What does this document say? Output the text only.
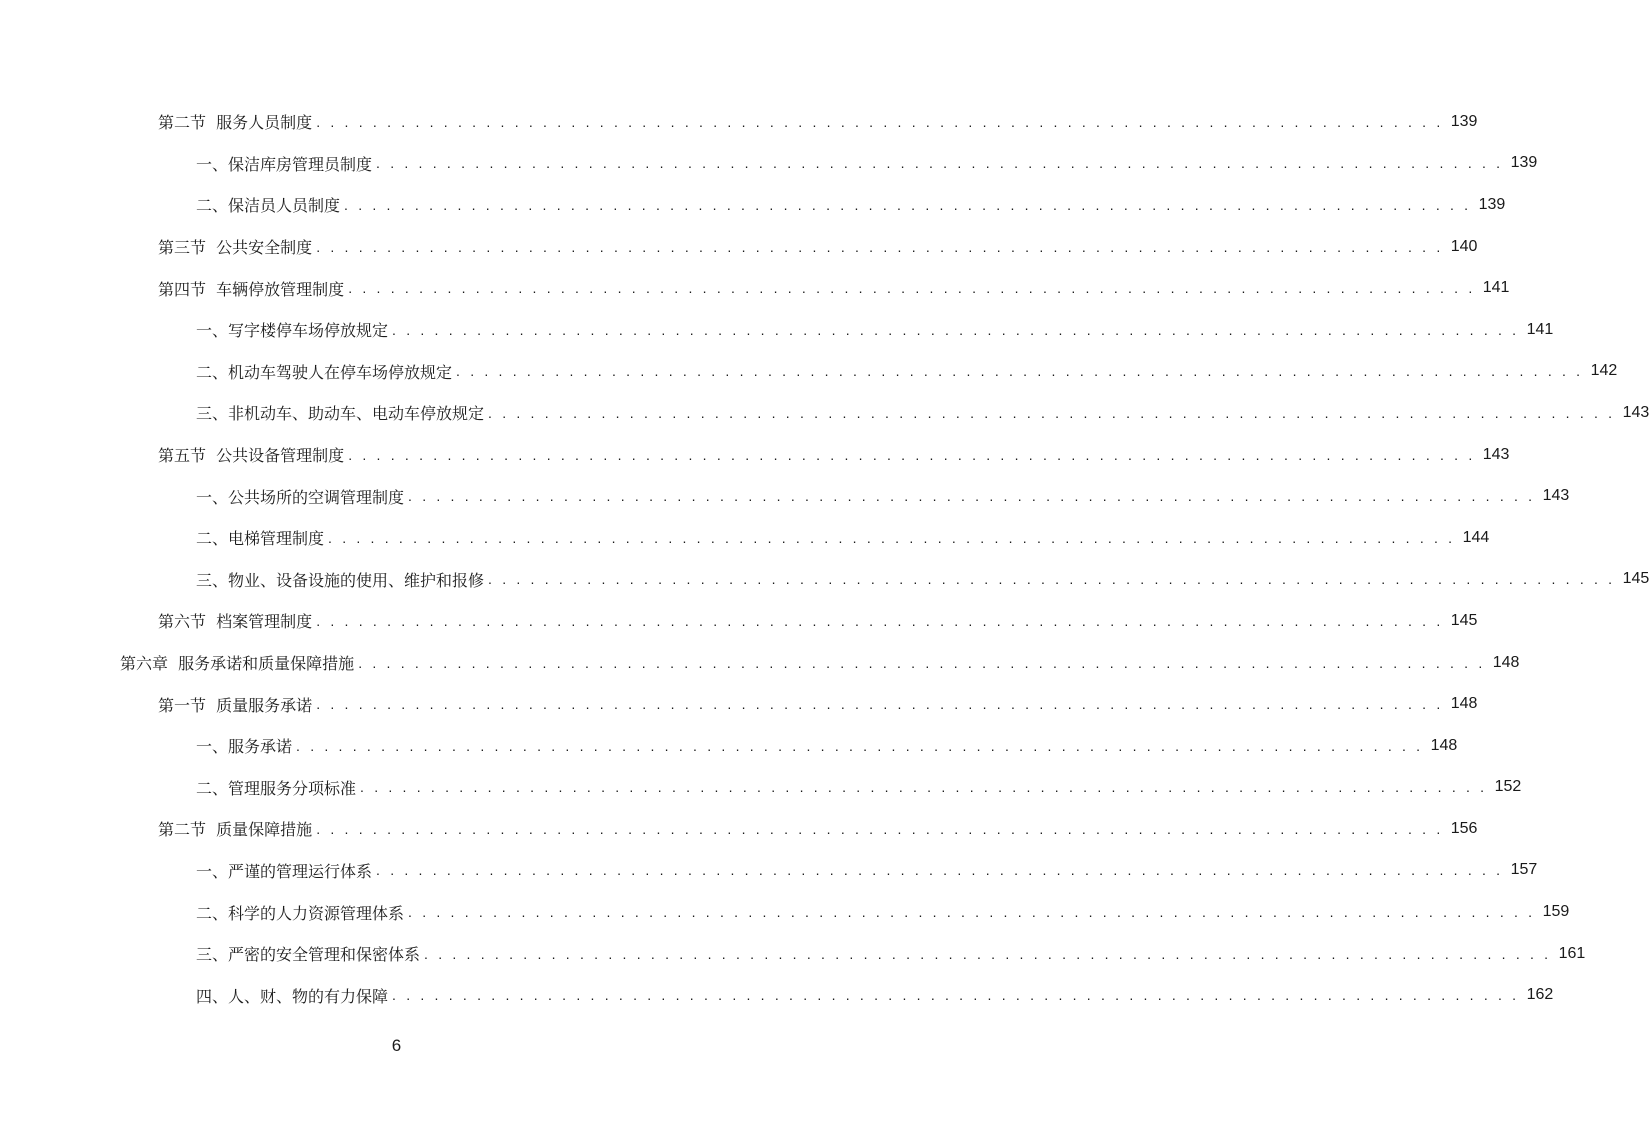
第二节  服务人员制度 . . . . . . . . . . . . . . . . . . . . . . . . . . . . . . . . . . . . . . . . . . . . . . . . . . . . . . . . . . . . . . . . . . . . . . . . . . . . . . . . 139
一、保洁库房管理员制度 . . . . . . . . . . . . . . . . . . . . . . . . . . . . . . . . . . . . . . . . . . . . . . . . . . . . . . . . . . . . . . . . . . . . . . . . . . . . . . . . 139
二、保洁员人员制度 . . . . . . . . . . . . . . . . . . . . . . . . . . . . . . . . . . . . . . . . . . . . . . . . . . . . . . . . . . . . . . . . . . . . . . . . . . . . . . . . 139
第三节  公共安全制度 . . . . . . . . . . . . . . . . . . . . . . . . . . . . . . . . . . . . . . . . . . . . . . . . . . . . . . . . . . . . . . . . . . . . . . . . . . . . . . . . 140
第四节  车辆停放管理制度 . . . . . . . . . . . . . . . . . . . . . . . . . . . . . . . . . . . . . . . . . . . . . . . . . . . . . . . . . . . . . . . . . . . . . . . . . . . . . . . . 141
一、写字楼停车场停放规定 . . . . . . . . . . . . . . . . . . . . . . . . . . . . . . . . . . . . . . . . . . . . . . . . . . . . . . . . . . . . . . . . . . . . . . . . . . . . . . . . 141
二、机动车驾驶人在停车场停放规定 . . . . . . . . . . . . . . . . . . . . . . . . . . . . . . . . . . . . . . . . . . . . . . . . . . . . . . . . . . . . . . . . . . . . . . . . . . . . . . . . 142
三、非机动车、助动车、电动车停放规定 . . . . . . . . . . . . . . . . . . . . . . . . . . . . . . . . . . . . . . . . . . . . . . . . . . . . . . . . . . . . . . . . . . . . . . . . . . . . . . . . 143
第五节  公共设备管理制度 . . . . . . . . . . . . . . . . . . . . . . . . . . . . . . . . . . . . . . . . . . . . . . . . . . . . . . . . . . . . . . . . . . . . . . . . . . . . . . . . 143
一、公共场所的空调管理制度 . . . . . . . . . . . . . . . . . . . . . . . . . . . . . . . . . . . . . . . . . . . . . . . . . . . . . . . . . . . . . . . . . . . . . . . . . . . . . . . . 143
二、电梯管理制度 . . . . . . . . . . . . . . . . . . . . . . . . . . . . . . . . . . . . . . . . . . . . . . . . . . . . . . . . . . . . . . . . . . . . . . . . . . . . . . . . 144
三、物业、设备设施的使用、维护和报修 . . . . . . . . . . . . . . . . . . . . . . . . . . . . . . . . . . . . . . . . . . . . . . . . . . . . . . . . . . . . . . . . . . . . . . . . . . . . . . . . 145
第六节  档案管理制度 . . . . . . . . . . . . . . . . . . . . . . . . . . . . . . . . . . . . . . . . . . . . . . . . . . . . . . . . . . . . . . . . . . . . . . . . . . . . . . . . 145
第六章  服务承诺和质量保障措施 . . . . . . . . . . . . . . . . . . . . . . . . . . . . . . . . . . . . . . . . . . . . . . . . . . . . . . . . . . . . . . . . . . . . . . . . . . . . . . . . 148
第一节  质量服务承诺 . . . . . . . . . . . . . . . . . . . . . . . . . . . . . . . . . . . . . . . . . . . . . . . . . . . . . . . . . . . . . . . . . . . . . . . . . . . . . . . . 148
一、服务承诺 . . . . . . . . . . . . . . . . . . . . . . . . . . . . . . . . . . . . . . . . . . . . . . . . . . . . . . . . . . . . . . . . . . . . . . . . . . . . . . . . 148
二、管理服务分项标准 . . . . . . . . . . . . . . . . . . . . . . . . . . . . . . . . . . . . . . . . . . . . . . . . . . . . . . . . . . . . . . . . . . . . . . . . . . . . . . . . 152
第二节  质量保障措施 . . . . . . . . . . . . . . . . . . . . . . . . . . . . . . . . . . . . . . . . . . . . . . . . . . . . . . . . . . . . . . . . . . . . . . . . . . . . . . . . 156
一、严谨的管理运行体系 . . . . . . . . . . . . . . . . . . . . . . . . . . . . . . . . . . . . . . . . . . . . . . . . . . . . . . . . . . . . . . . . . . . . . . . . . . . . . . . . 157
二、科学的人力资源管理体系 . . . . . . . . . . . . . . . . . . . . . . . . . . . . . . . . . . . . . . . . . . . . . . . . . . . . . . . . . . . . . . . . . . . . . . . . . . . . . . . . 159
三、严密的安全管理和保密体系 . . . . . . . . . . . . . . . . . . . . . . . . . . . . . . . . . . . . . . . . . . . . . . . . . . . . . . . . . . . . . . . . . . . . . . . . . . . . . . . . 161
四、人、财、物的有力保障 . . . . . . . . . . . . . . . . . . . . . . . . . . . . . . . . . . . . . . . . . . . . . . . . . . . . . . . . . . . . . . . . . . . . . . . . . . . . . . . . 162
6
